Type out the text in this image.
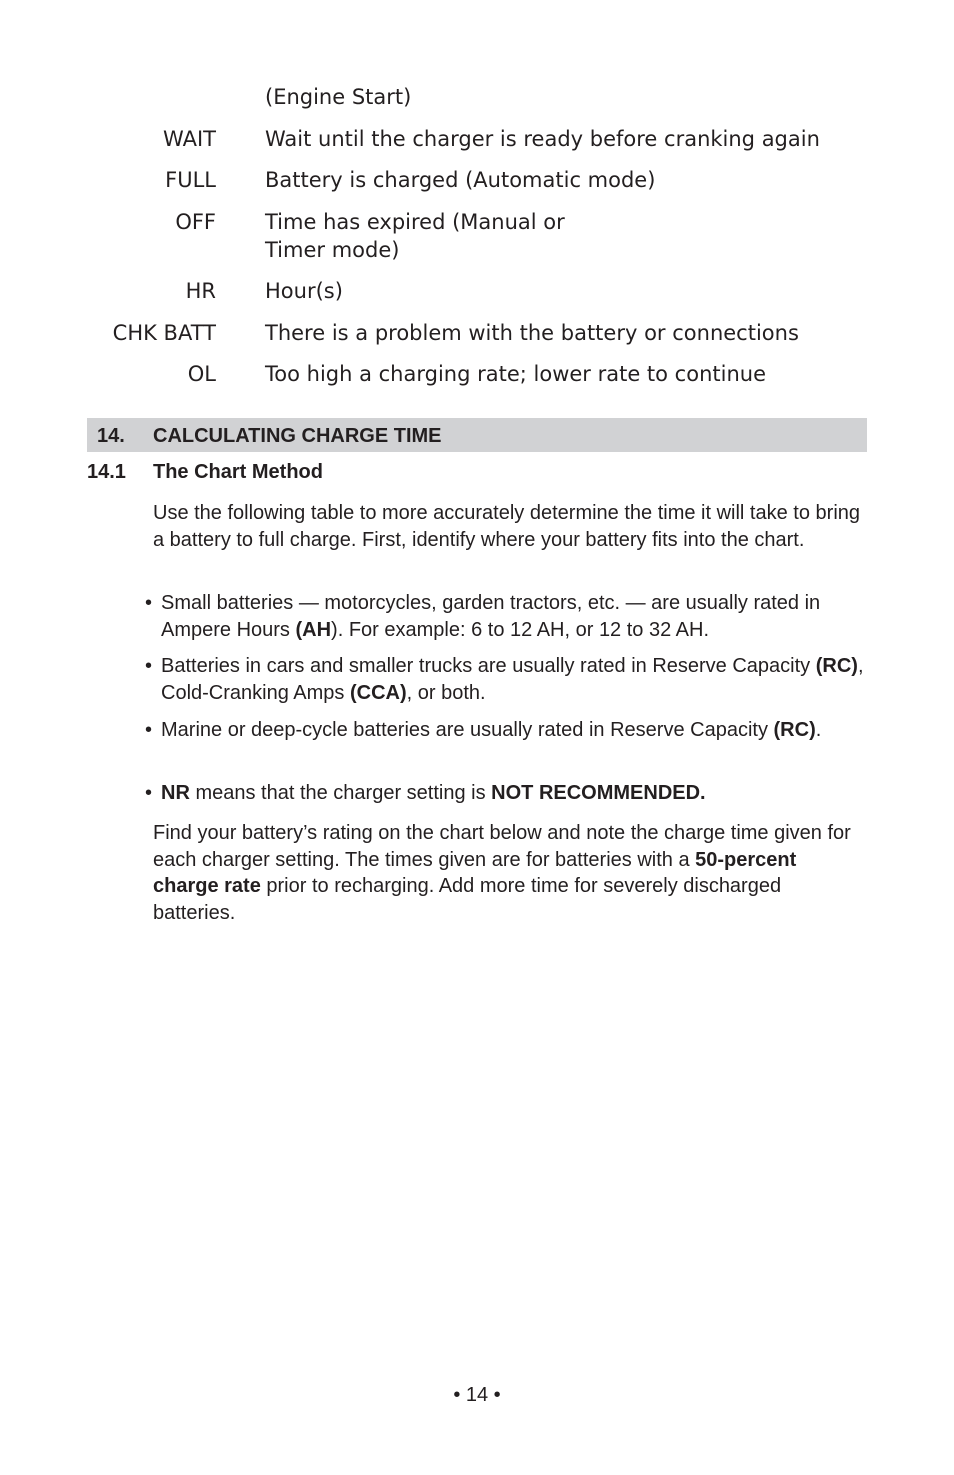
(Engine Start)
WAIT Wait until the charger is ready before cranking again
FULL Battery is charged (Automatic mode)
OFF Time has expired (Manual or
Timer mode)
HR Hour(s)
CHK BATT There is a problem with the battery or connections
OL Too high a charging rate; lower rate to continue
14. CALCULATING CHARGE TIME
14.1 The Chart Method
Use the following table to more accurately determine the time it will take to bring a battery to full charge. First, identify where your battery fits into the chart.
• Small batteries — motorcycles, garden tractors, etc. — are usually rated in Ampere Hours (AH). For example: 6 to 12 AH, or 12 to 32 AH.
• Batteries in cars and smaller trucks are usually rated in Reserve Capacity (RC), Cold-Cranking Amps (CCA), or both.
• Marine or deep-cycle batteries are usually rated in Reserve Capacity (RC).
• NR means that the charger setting is NOT RECOMMENDED.
Find your battery’s rating on the chart below and note the charge time given for each charger setting. The times given are for batteries with a 50-percent charge rate prior to recharging. Add more time for severely discharged batteries.
• 14 •
